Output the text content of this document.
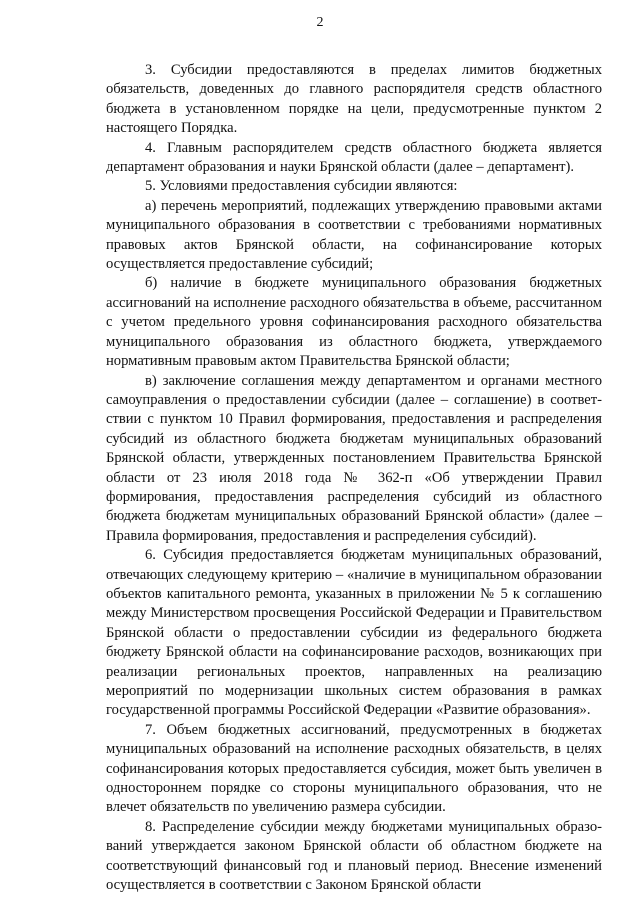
2

3. Субсидии предоставляются в пределах лимитов бюджетных обязательств, доведенных до главного распорядителя средств областного бюджета в установленном порядке на цели, предусмотренные пунктом 2 настоящего Порядка.

4. Главным распорядителем средств областного бюджета является департамент образования и науки Брянской области (далее – департамент).

5. Условиями предоставления субсидии являются:

а) перечень мероприятий, подлежащих утверждению правовыми актами муниципального образования в соответствии с требованиями нормативных правовых актов Брянской области, на софинансирование которых осуществляется предоставление субсидий;

б) наличие в бюджете муниципального образования бюджетных ассигнований на исполнение расходного обязательства в объеме, рассчитанном с учетом предельного уровня софинансирования расходного обязательства муниципального образования из областного бюджета, утверждаемого нормативным правовым актом Правительства Брянской области;

в) заключение соглашения между департаментом и органами местного самоуправления о предоставлении субсидии (далее – соглашение) в соответствии с пунктом 10 Правил формирования, предоставления и распределения субсидий из областного бюджета бюджетам муниципальных образований Брянской области, утвержденных постановлением Правительства Брянской области от 23 июля 2018 года № 362-п «Об утверждении Правил формирования, предоставления распределения субсидий из областного бюджета бюджетам муниципальных образований Брянской области» (далее – Правила формирования, предоставления и распределения субсидий).

6. Субсидия предоставляется бюджетам муниципальных образований, отвечающих следующему критерию – «наличие в муниципальном образовании объектов капитального ремонта, указанных в приложении № 5 к соглашению между Министерством просвещения Российской Федерации и Правительством Брянской области о предоставлении субсидии из федерального бюджета бюджету Брянской области на софинансирование расходов, возникающих при реализации региональных проектов, направленных на реализацию мероприятий по модернизации школьных систем образования в рамках государственной программы Российской Федерации «Развитие образования».

7. Объем бюджетных ассигнований, предусмотренных в бюджетах муниципальных образований на исполнение расходных обязательств, в целях софинансирования которых предоставляется субсидия, может быть увеличен в одностороннем порядке со стороны муниципального образования, что не влечет обязательств по увеличению размера субсидии.

8. Распределение субсидии между бюджетами муниципальных образований утверждается законом Брянской области об областном бюджете на соответствующий финансовый год и плановый период. Внесение изменений осуществляется в соответствии с Законом Брянской области
